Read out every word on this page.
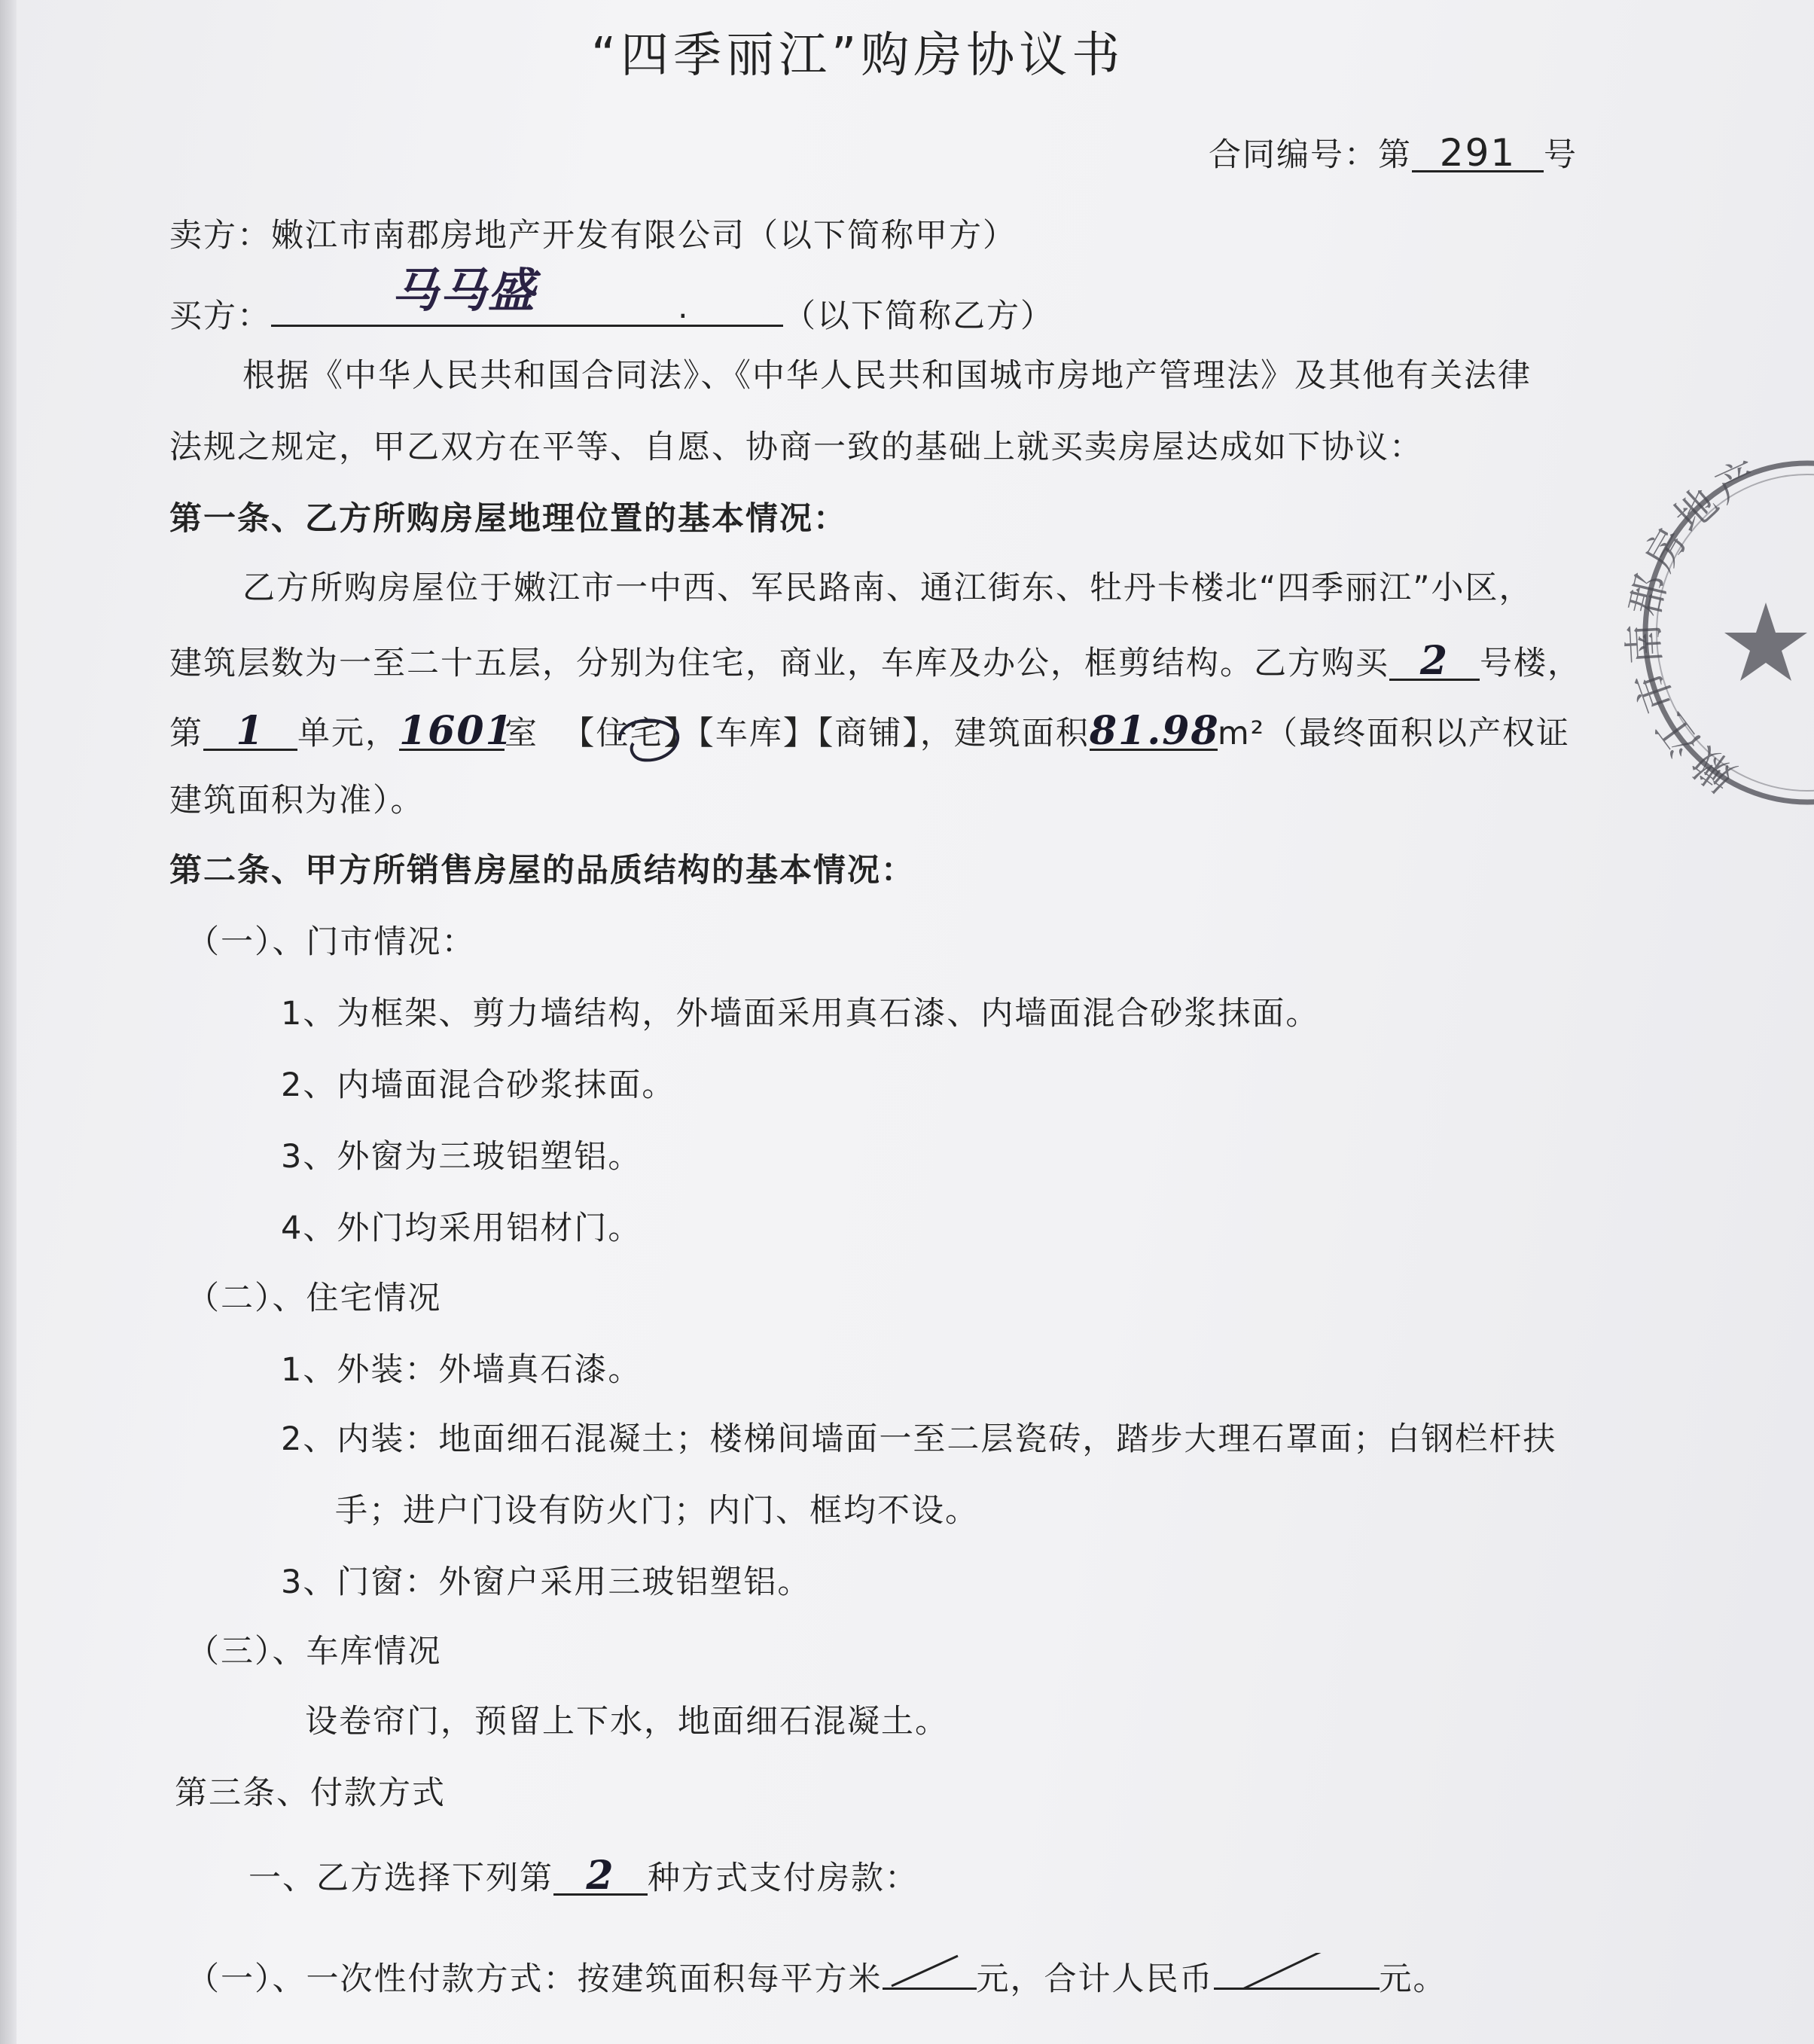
“四季丽江”购房协议书
合同编号：第 291 号
卖方：嫩江市南郡房地产开发有限公司（以下简称甲方）
买方：	马马盛	.	（以下简称乙方）
根据《中华人民共和国合同法》、《中华人民共和国城市房地产管理法》及其他有关法律
法规之规定，甲乙双方在平等、自愿、协商一致的基础上就买卖房屋达成如下协议：
第一条、乙方所购房屋地理位置的基本情况：
乙方所购房屋位于嫩江市一中西、军民路南、通江街东、牡丹卡楼北“四季丽江”小区，
建筑层数为一至二十五层，分别为住宅，商业，车库及办公，框剪结构。乙方购买 2 号楼，
第 1 单元，1601室 【住宅】【车库】【商铺】，建筑面积81.98m²（最终面积以产权证
建筑面积为准）。
第二条、甲方所销售房屋的品质结构的基本情况：
（一）、门市情况：
1、为框架、剪力墙结构，外墙面采用真石漆、内墙面混合砂浆抹面。
2、内墙面混合砂浆抹面。
3、外窗为三玻铝塑铝。
4、外门均采用铝材门。
（二）、住宅情况
1、外装：外墙真石漆。
2、内装：地面细石混凝土；楼梯间墙面一至二层瓷砖，踏步大理石罩面；白钢栏杆扶
手；进户门设有防火门；内门、框均不设。
3、门窗：外窗户采用三玻铝塑铝。
（三）、车库情况
设卷帘门，预留上下水，地面细石混凝土。
第三条、付款方式
一、乙方选择下列第 2 种方式支付房款：
（一）、一次性付款方式：按建筑面积每平方米	元，合计人民币	元。
嫩江市南郡房地产
